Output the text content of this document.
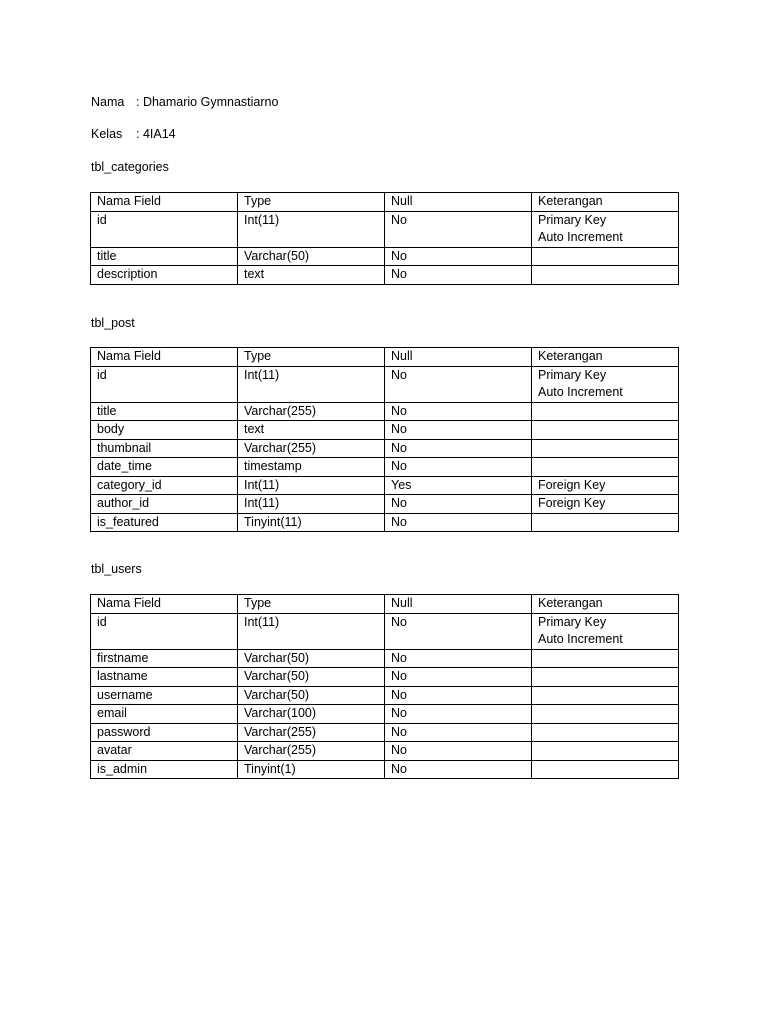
Nama : Dhamario Gymnastiarno
Kelas : 4IA14
tbl_categories
Nama Field	Type	Null	Keterangan
id	Int(11)	No	Primary Key
Auto Increment

title	Varchar(50)	No	
description	text	No	
tbl_post
Nama Field	Type	Null	Keterangan
id	Int(11)	No	Primary Key
Auto Increment

title	Varchar(255)	No	
body	text	No	
thumbnail	Varchar(255)	No	
date_time	timestamp	No	
category_id	Int(11)	Yes	Foreign Key

author_id	Int(11)	No	Foreign Key

is_featured	Tinyint(11)	No	
tbl_users
Nama Field	Type	Null	Keterangan
id	Int(11)	No	Primary Key
Auto Increment

firstname	Varchar(50)	No	
lastname	Varchar(50)	No	
username	Varchar(50)	No	
email	Varchar(100)	No	
password	Varchar(255)	No	
avatar	Varchar(255)	No	
is_admin	Tinyint(1)	No	
